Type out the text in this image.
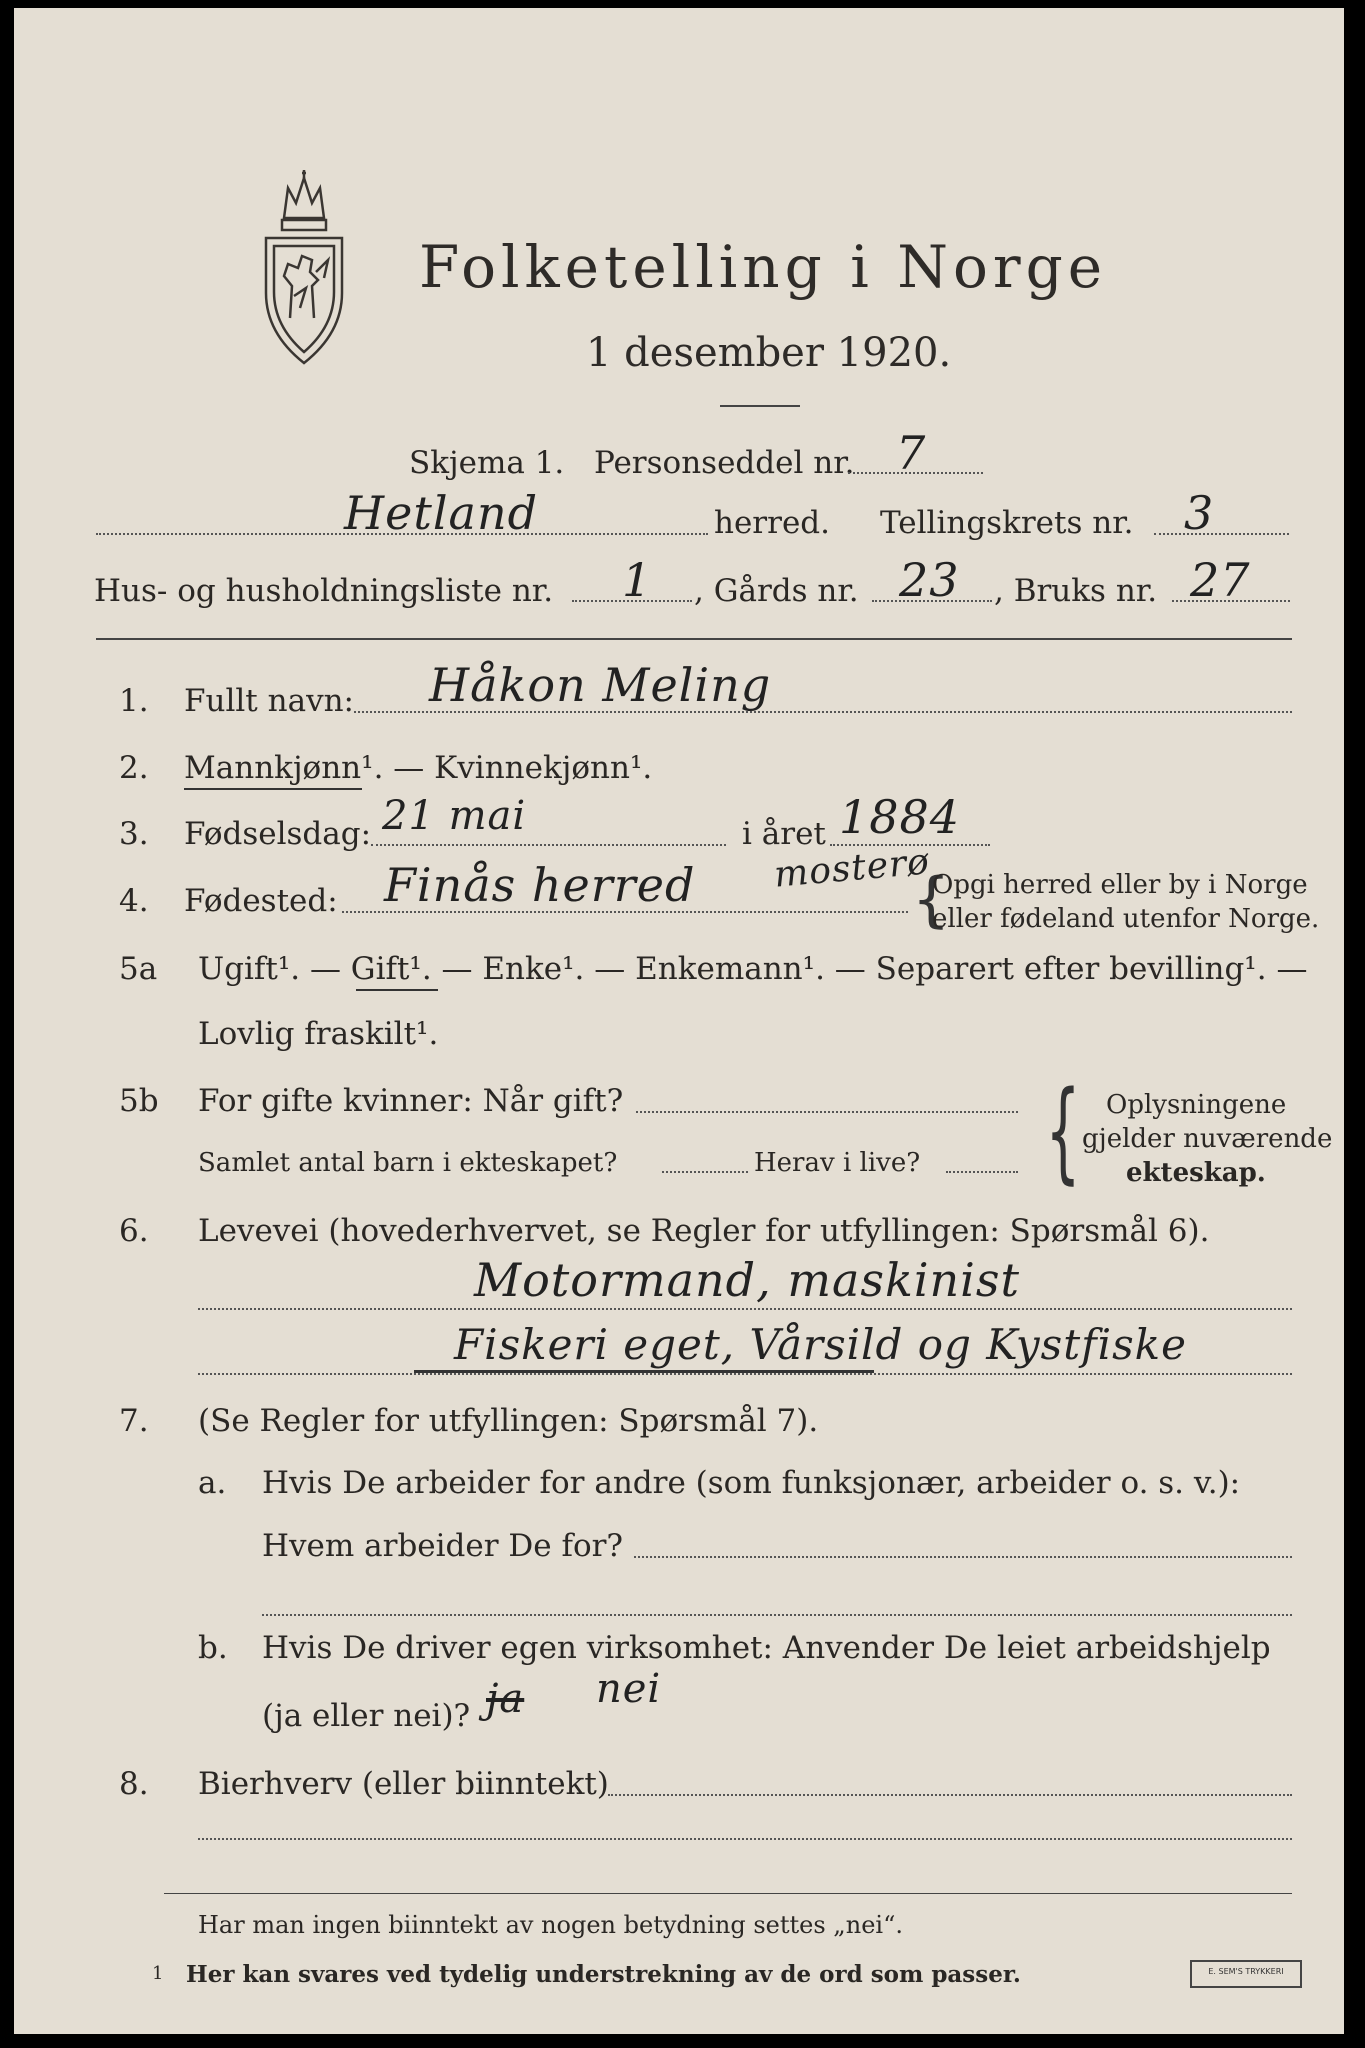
Folketelling i Norge
1 desember 1920.
Skjema 1. Personseddel nr. 7
Hetland	herred. Tellingskrets nr. 3
Hus- og husholdningsliste nr. 1 , Gårds nr. 23 , Bruks nr. 27
1. Fullt navn: Håkon Meling
2. Mannkjønn¹. — Kvinnekjønn¹.
3. Fødselsdag: 21 mai	i året 1884
4. Fødested: Finås herred mosterø
{
Opgi herred eller by i Norge
eller fødeland utenfor Norge.
5a Ugift¹. — Gift¹. — Enke¹. — Enkemann¹. — Separert efter bevilling¹. —
Lovlig fraskilt¹.
5b For gifte kvinner: Når gift?
Samlet antal barn i ekteskapet?	Herav i live? { Oplysningene
gjelder nuværende
ekteskap.
6. Levevei (hovederhvervet, se Regler for utfyllingen: Spørsmål 6).
Motormand, maskinist
Fiskeri eget, Vårsild og Kystfiske
7. (Se Regler for utfyllingen: Spørsmål 7).
a. Hvis De arbeider for andre (som funksjonær, arbeider o. s. v.):
Hvem arbeider De for?
b. Hvis De driver egen virksomhet: Anvender De leiet arbeidshjelp
(ja eller nei)? ja nei
8. Bierhverv (eller biinntekt)
Har man ingen biinntekt av nogen betydning settes „nei“.
1 Her kan svares ved tydelig understrekning av de ord som passer.	E. SEM'S TRYKKERI
